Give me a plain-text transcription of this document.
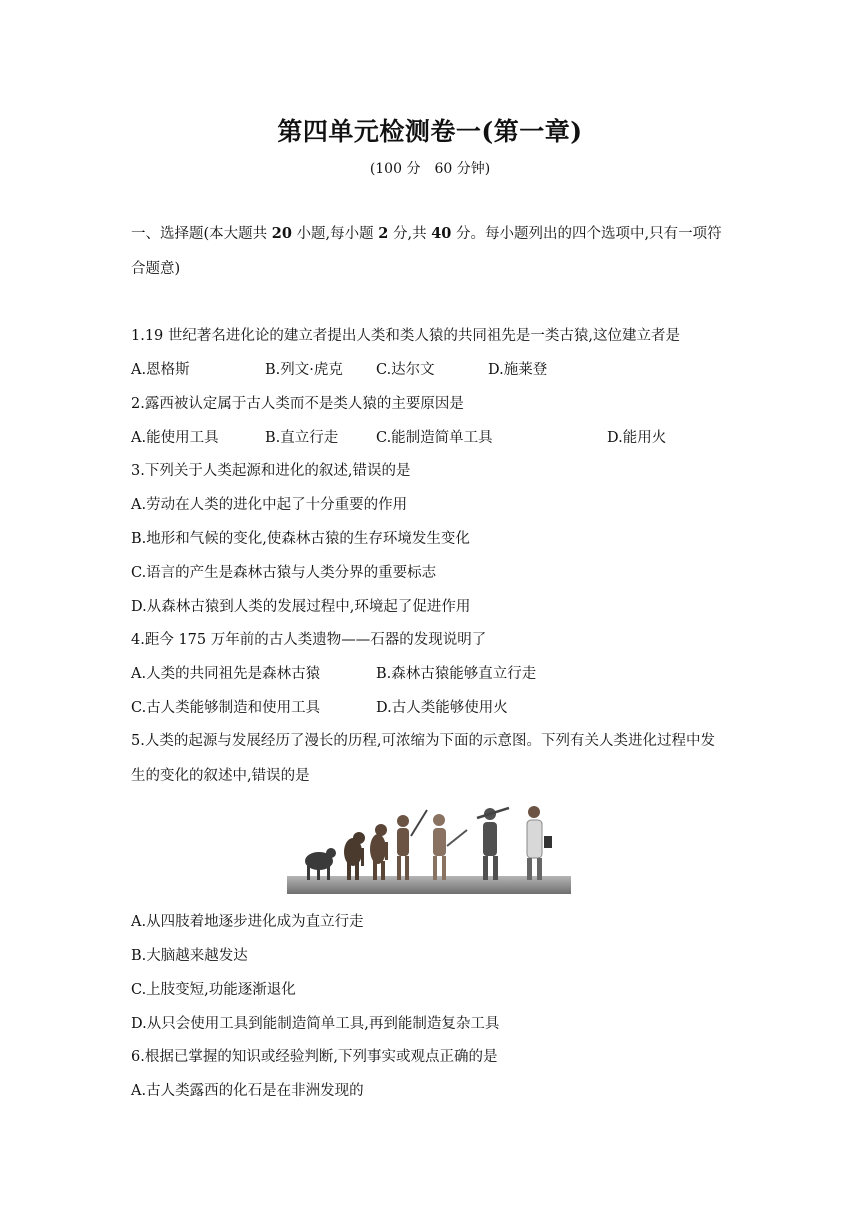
第四单元检测卷一(第一章)
(100 分　60 分钟)
一、选择题(本大题共 20 小题,每小题 2 分,共 40 分。每小题列出的四个选项中,只有一项符
合题意)
1.19 世纪著名进化论的建立者提出人类和类人猿的共同祖先是一类古猿,这位建立者是
A.恩格斯	B.列文·虎克 C.达尔文	D.施莱登
2.露西被认定属于古人类而不是类人猿的主要原因是
A.能使用工具	B.直立行走	C.能制造简单工具	D.能用火
3.下列关于人类起源和进化的叙述,错误的是
A.劳动在人类的进化中起了十分重要的作用
B.地形和气候的变化,使森林古猿的生存环境发生变化
C.语言的产生是森林古猿与人类分界的重要标志
D.从森林古猿到人类的发展过程中,环境起了促进作用
4.距今 175 万年前的古人类遗物——石器的发现说明了
A.人类的共同祖先是森林古猿	B.森林古猿能够直立行走
C.古人类能够制造和使用工具	D.古人类能够使用火
5.人类的起源与发展经历了漫长的历程,可浓缩为下面的示意图。下列有关人类进化过程中发
生的变化的叙述中,错误的是
A.从四肢着地逐步进化成为直立行走
B.大脑越来越发达
C.上肢变短,功能逐渐退化
D.从只会使用工具到能制造简单工具,再到能制造复杂工具
6.根据已掌握的知识或经验判断,下列事实或观点正确的是
A.古人类露西的化石是在非洲发现的
